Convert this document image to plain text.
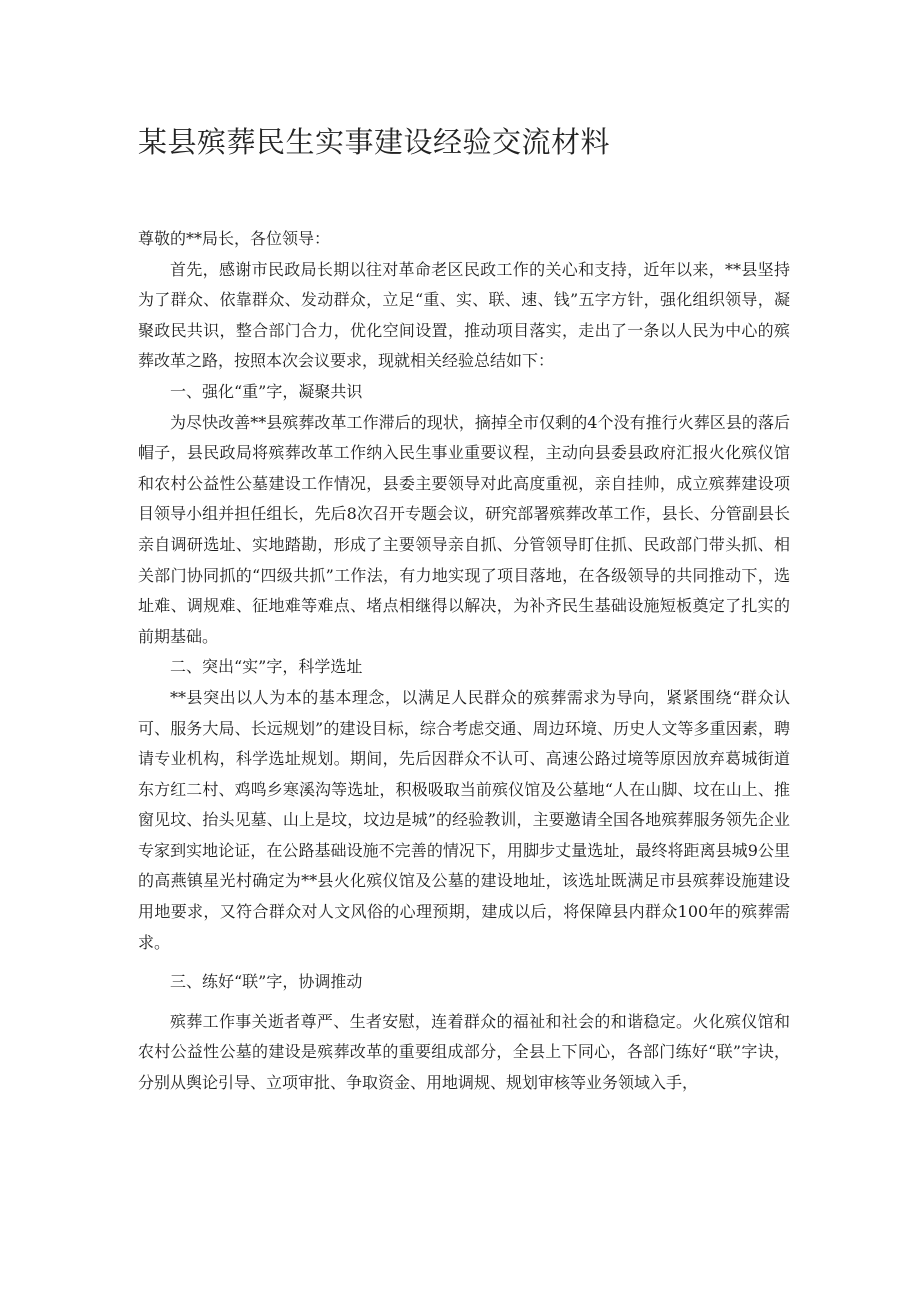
某县殡葬民生实事建设经验交流材料

尊敬的**局长，各位领导：

首先，感谢市民政局长期以往对革命老区民政工作的关心和支持，近年以来，**县坚持为了群众、依靠群众、发动群众，立足“重、实、联、速、钱”五字方针，强化组织领导，凝聚政民共识，整合部门合力，优化空间设置，推动项目落实，走出了一条以人民为中心的殡葬改革之路，按照本次会议要求，现就相关经验总结如下：

一、强化“重”字，凝聚共识

为尽快改善**县殡葬改革工作滞后的现状，摘掉全市仅剩的4个没有推行火葬区县的落后帽子，县民政局将殡葬改革工作纳入民生事业重要议程，主动向县委县政府汇报火化殡仪馆和农村公益性公墓建设工作情况，县委主要领导对此高度重视，亲自挂帅，成立殡葬建设项目领导小组并担任组长，先后8次召开专题会议，研究部署殡葬改革工作，县长、分管副县长亲自调研选址、实地踏勘，形成了主要领导亲自抓、分管领导盯住抓、民政部门带头抓、相关部门协同抓的“四级共抓”工作法，有力地实现了项目落地，在各级领导的共同推动下，选址难、调规难、征地难等难点、堵点相继得以解决，为补齐民生基础设施短板奠定了扎实的前期基础。

二、突出“实”字，科学选址

**县突出以人为本的基本理念，以满足人民群众的殡葬需求为导向，紧紧围绕“群众认可、服务大局、长远规划”的建设目标，综合考虑交通、周边环境、历史人文等多重因素，聘请专业机构，科学选址规划。期间，先后因群众不认可、高速公路过境等原因放弃葛城街道东方红二村、鸡鸣乡寒溪沟等选址，积极吸取当前殡仪馆及公墓地“人在山脚、坟在山上、推窗见坟、抬头见墓、山上是坟，坟边是城”的经验教训，主要邀请全国各地殡葬服务领先企业专家到实地论证，在公路基础设施不完善的情况下，用脚步丈量选址，最终将距离县城9公里的高燕镇星光村确定为**县火化殡仪馆及公墓的建设地址，该选址既满足市县殡葬设施建设用地要求，又符合群众对人文风俗的心理预期，建成以后，将保障县内群众100年的殡葬需求。

三、练好“联”字，协调推动

殡葬工作事关逝者尊严、生者安慰，连着群众的福祉和社会的和谐稳定。火化殡仪馆和农村公益性公墓的建设是殡葬改革的重要组成部分，全县上下同心，各部门练好“联”字诀，分别从舆论引导、立项审批、争取资金、用地调规、规划审核等业务领域入手，
